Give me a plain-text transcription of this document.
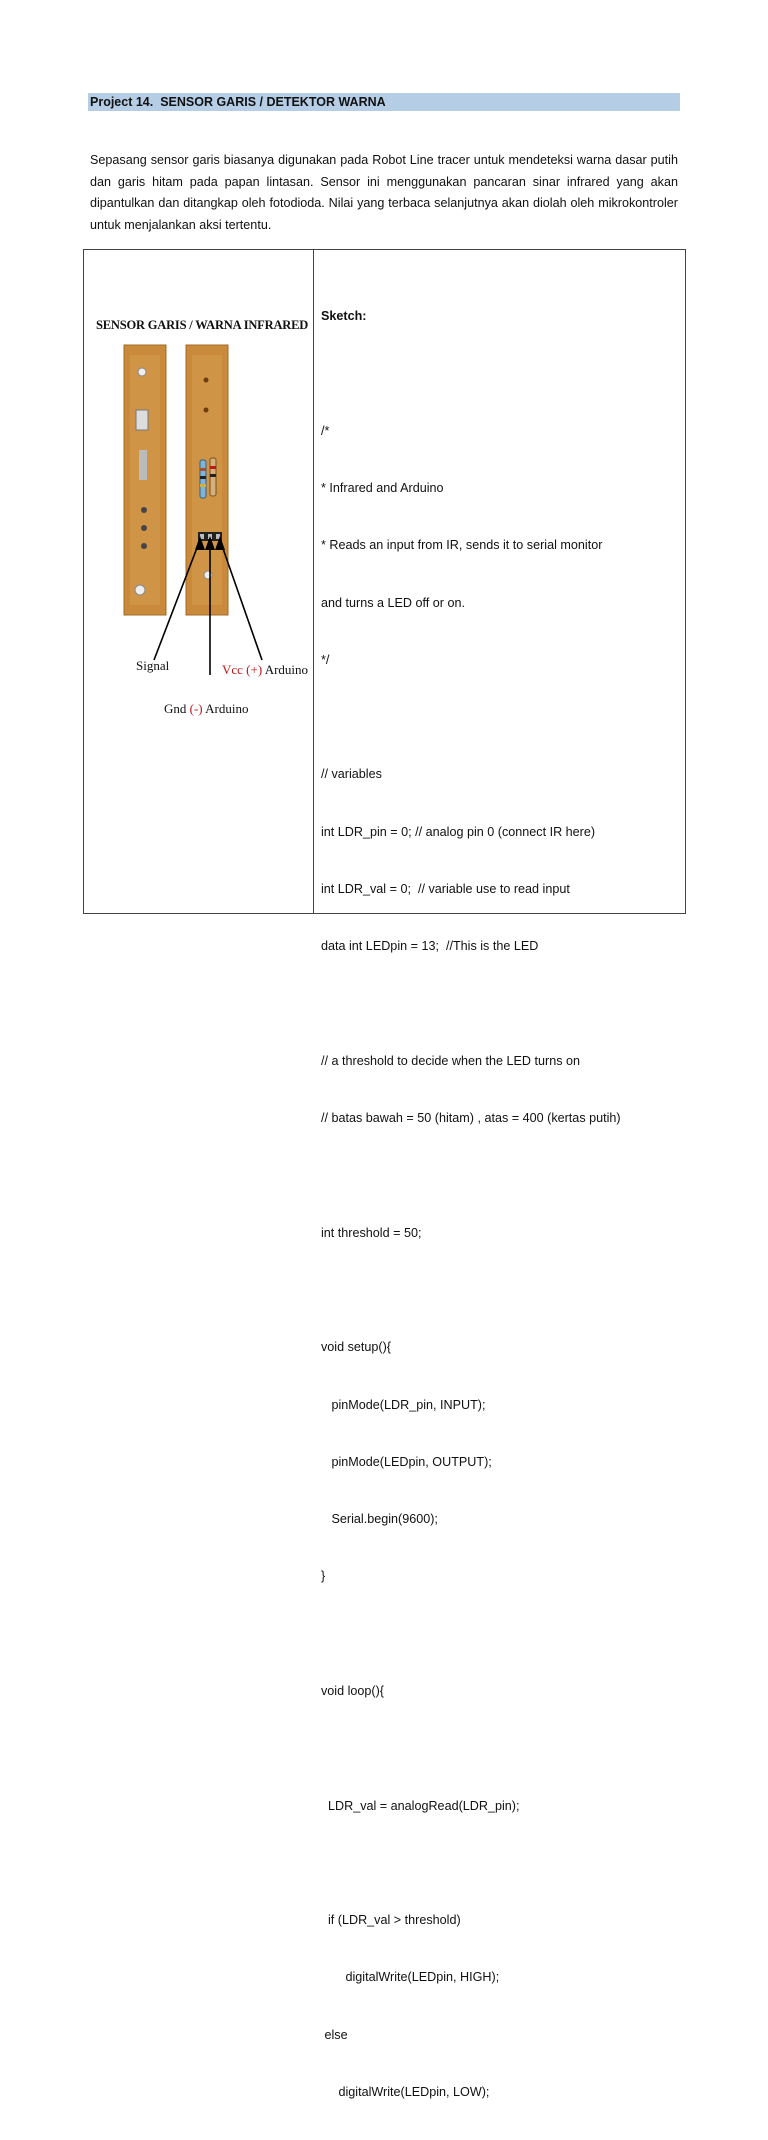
Project 14. SENSOR GARIS / DETEKTOR WARNA

Sepasang sensor garis biasanya digunakan pada Robot Line tracer untuk mendeteksi warna dasar putih dan garis hitam pada papan lintasan. Sensor ini menggunakan pancaran sinar infrared yang akan dipantulkan dan ditangkap oleh fotodioda. Nilai yang terbaca selanjutnya akan diolah oleh mikrokontroler untuk menjalankan aksi tertentu.

SENSOR GARIS / WARNA INFRARED
Signal	Vcc (+) Arduino
Gnd (-) Arduino

Sketch:

/*

* Infrared and Arduino

* Reads an input from IR, sends it to serial monitor

and turns a LED off or on.

*/

// variables

int LDR_pin = 0; // analog pin 0 (connect IR here)

int LDR_val = 0;  // variable use to read input

data int LEDpin = 13;  //This is the LED

// a threshold to decide when the LED turns on

// batas bawah = 50 (hitam) , atas = 400 (kertas putih)

int threshold = 50;

void setup(){

pinMode(LDR_pin, INPUT);

pinMode(LEDpin, OUTPUT);

Serial.begin(9600);

}

void loop(){

LDR_val = analogRead(LDR_pin);

if (LDR_val > threshold)

digitalWrite(LEDpin, HIGH);

else

digitalWrite(LEDpin, LOW);
